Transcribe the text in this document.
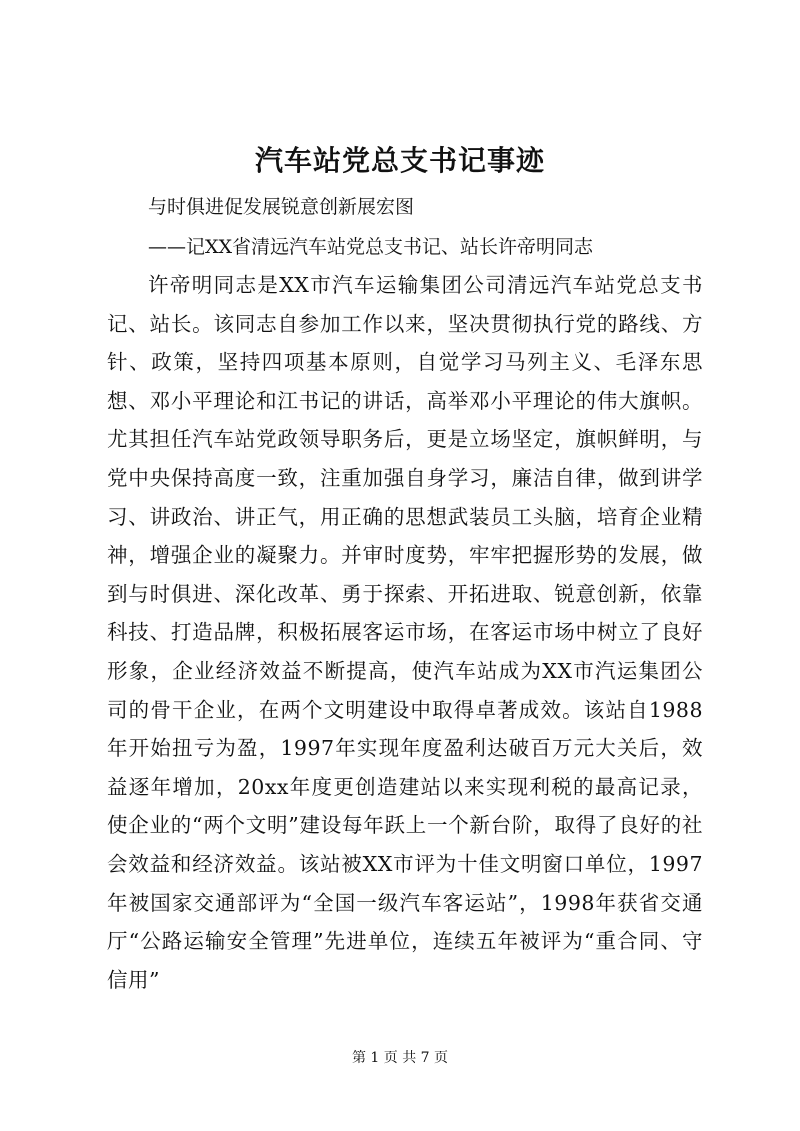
汽车站党总支书记事迹
与时俱进促发展锐意创新展宏图
——记XX省清远汽车站党总支书记、站长许帝明同志

许帝明同志是XX市汽车运输集团公司清远汽车站党总支书记、站长。该同志自参加工作以来，坚决贯彻执行党的路线、方针、政策，坚持四项基本原则，自觉学习马列主义、毛泽东思想、邓小平理论和江书记的讲话，高举邓小平理论的伟大旗帜。尤其担任汽车站党政领导职务后，更是立场坚定，旗帜鲜明，与党中央保持高度一致，注重加强自身学习，廉洁自律，做到讲学习、讲政治、讲正气，用正确的思想武装员工头脑，培育企业精神，增强企业的凝聚力。并审时度势，牢牢把握形势的发展，做到与时俱进、深化改革、勇于探索、开拓进取、锐意创新，依靠科技、打造品牌，积极拓展客运市场，在客运市场中树立了良好形象，企业经济效益不断提高，使汽车站成为XX市汽运集团公司的骨干企业，在两个文明建设中取得卓著成效。该站自1988年开始扭亏为盈，1997年实现年度盈利达破百万元大关后，效益逐年增加，20xx年度更创造建站以来实现利税的最高记录，使企业的“两个文明”建设每年跃上一个新台阶，取得了良好的社会效益和经济效益。该站被XX市评为十佳文明窗口单位，1997年被国家交通部评为“全国一级汽车客运站”，1998年获省交通厅“公路运输安全管理”先进单位，连续五年被评为“重合同、守信用”

第 1 页 共 7 页
